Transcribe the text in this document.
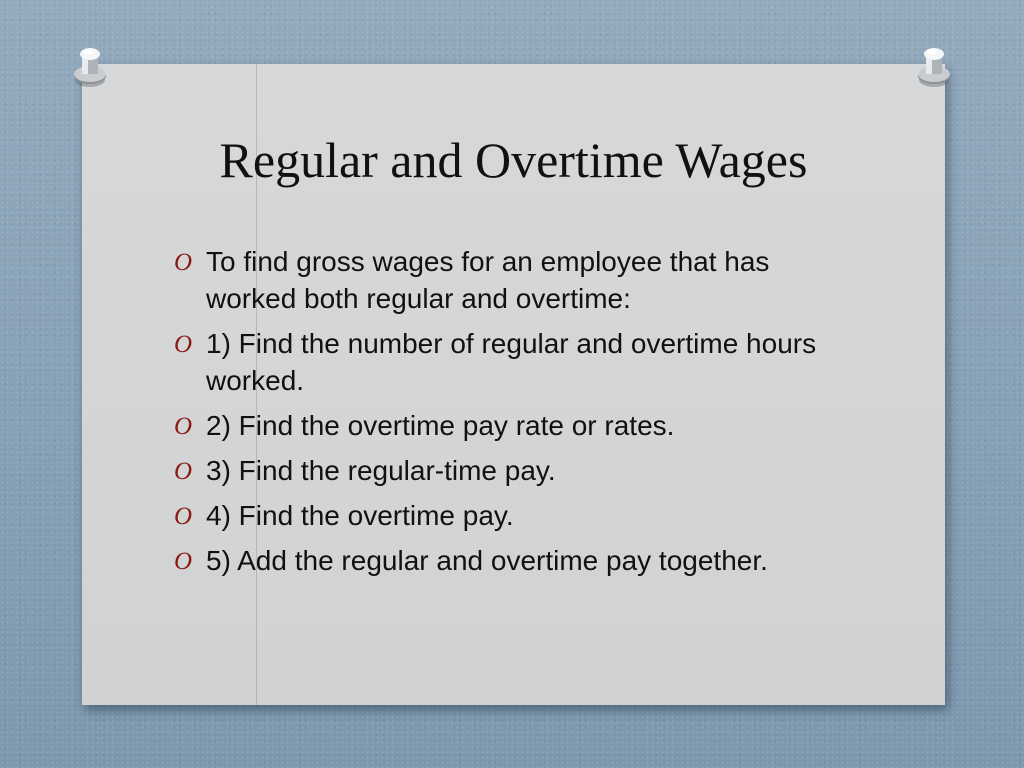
Regular and Overtime Wages
O To find gross wages for an employee that has worked both regular and overtime:
O 1) Find the number of regular and overtime hours worked.
O 2) Find the overtime pay rate or rates.
O 3) Find the regular-time pay.
O 4) Find the overtime pay.
O 5) Add the regular and overtime pay together.
